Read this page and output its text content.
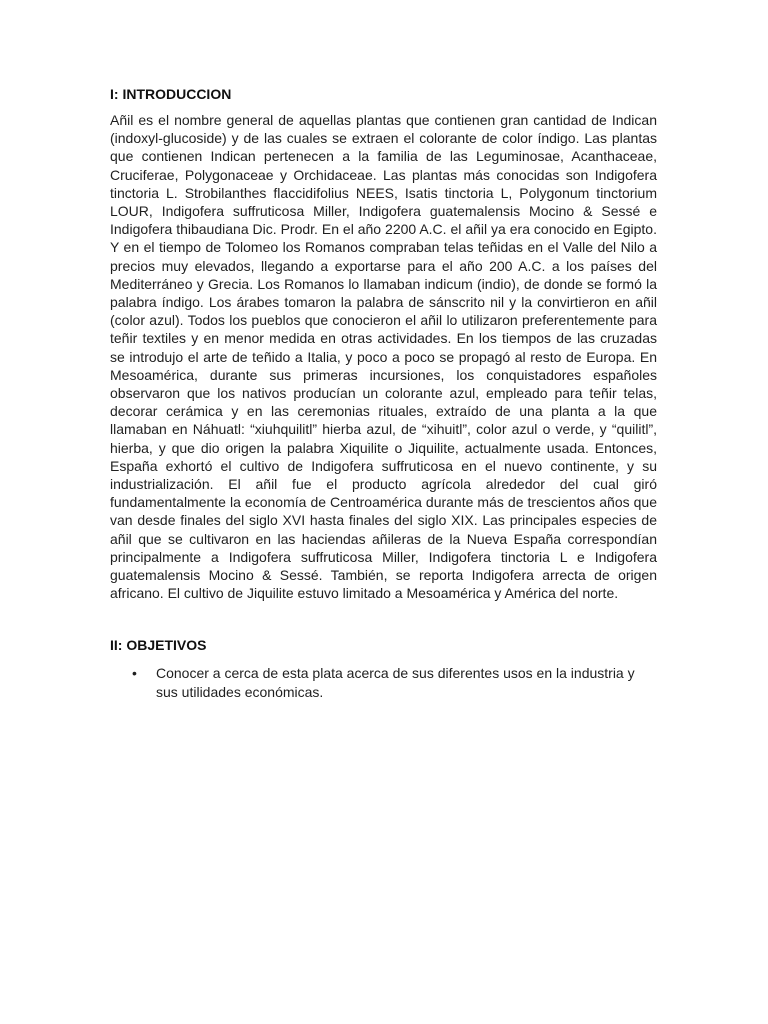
I: INTRODUCCION

Añil es el nombre general de aquellas plantas que contienen gran cantidad de Indican (indoxyl-glucoside) y de las cuales se extraen el colorante de color índigo. Las plantas que contienen Indican pertenecen a la familia de las Leguminosae, Acanthaceae, Cruciferae, Polygonaceae y Orchidaceae. Las plantas más conocidas son Indigofera tinctoria L. Strobilanthes flaccidifolius NEES, Isatis tinctoria L, Polygonum tinctorium LOUR, Indigofera suffruticosa Miller, Indigofera guatemalensis Mocino & Sessé e Indigofera thibaudiana Dic. Prodr. En el año 2200 A.C. el añil ya era conocido en Egipto. Y en el tiempo de Tolomeo los Romanos compraban telas teñidas en el Valle del Nilo a precios muy elevados, llegando a exportarse para el año 200 A.C. a los países del Mediterráneo y Grecia. Los Romanos lo llamaban indicum (indio), de donde se formó la palabra índigo. Los árabes tomaron la palabra de sánscrito nil y la convirtieron en añil (color azul). Todos los pueblos que conocieron el añil lo utilizaron preferentemente para teñir textiles y en menor medida en otras actividades. En los tiempos de las cruzadas se introdujo el arte de teñido a Italia, y poco a poco se propagó al resto de Europa. En Mesoamérica, durante sus primeras incursiones, los conquistadores españoles observaron que los nativos producían un colorante azul, empleado para teñir telas, decorar cerámica y en las ceremonias rituales, extraído de una planta a la que llamaban en Náhuatl: “xiuhquilitl” hierba azul, de “xihuitl”, color azul o verde, y “quilitl”, hierba, y que dio origen la palabra Xiquilite o Jiquilite, actualmente usada. Entonces, España exhortó el cultivo de Indigofera suffruticosa en el nuevo continente, y su industrialización. El añil fue el producto agrícola alrededor del cual giró fundamentalmente la economía de Centroamérica durante más de trescientos años que van desde finales del siglo XVI hasta finales del siglo XIX. Las principales especies de añil que se cultivaron en las haciendas añileras de la Nueva España correspondían principalmente a Indigofera suffruticosa Miller, Indigofera tinctoria L e Indigofera guatemalensis Mocino & Sessé. También, se reporta Indigofera arrecta de origen africano. El cultivo de Jiquilite estuvo limitado a Mesoamérica y América del norte.

II: OBJETIVOS
• Conocer a cerca de esta plata acerca de sus diferentes usos en la industria y sus utilidades económicas.
